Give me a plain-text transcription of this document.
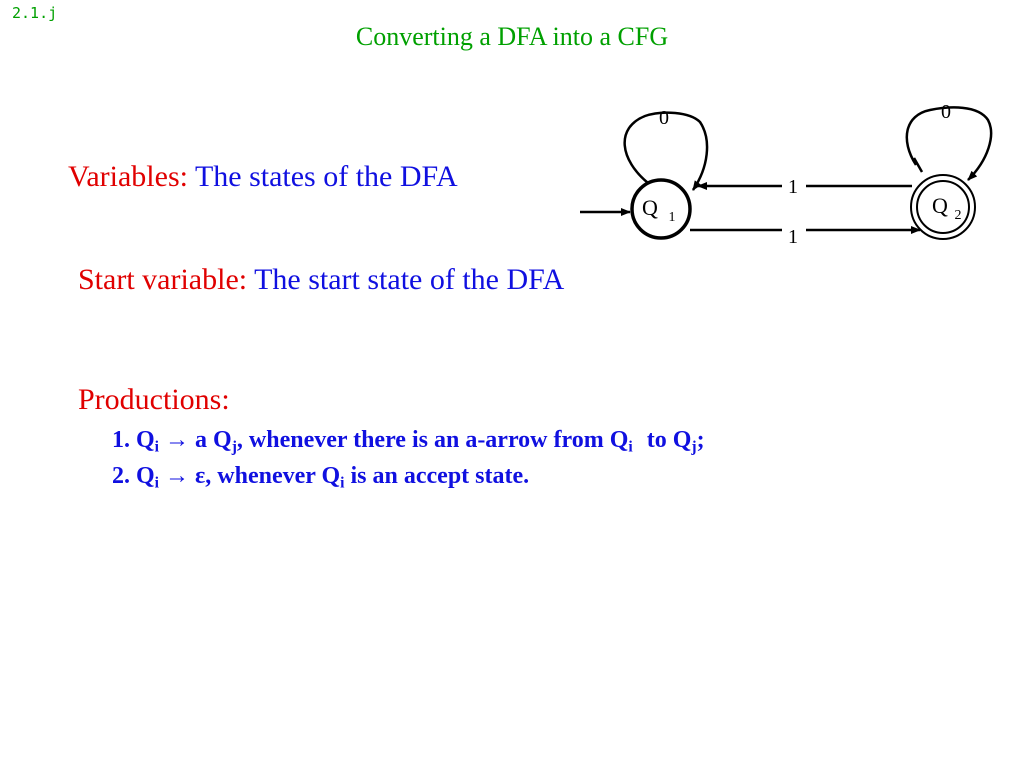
2.1.j
Converting a DFA into a CFG
Variables: The states of the DFA
Start variable: The start state of the DFA
Productions:
1. $Q_i \to a$ $Q_j$, whenever there is an a-arrow from $Q_i$ to $Q_j$;
2. $Q_i \to \varepsilon$, whenever $Q_i$ is an accept state.
0	0
1
1
Q 1	Q 2
